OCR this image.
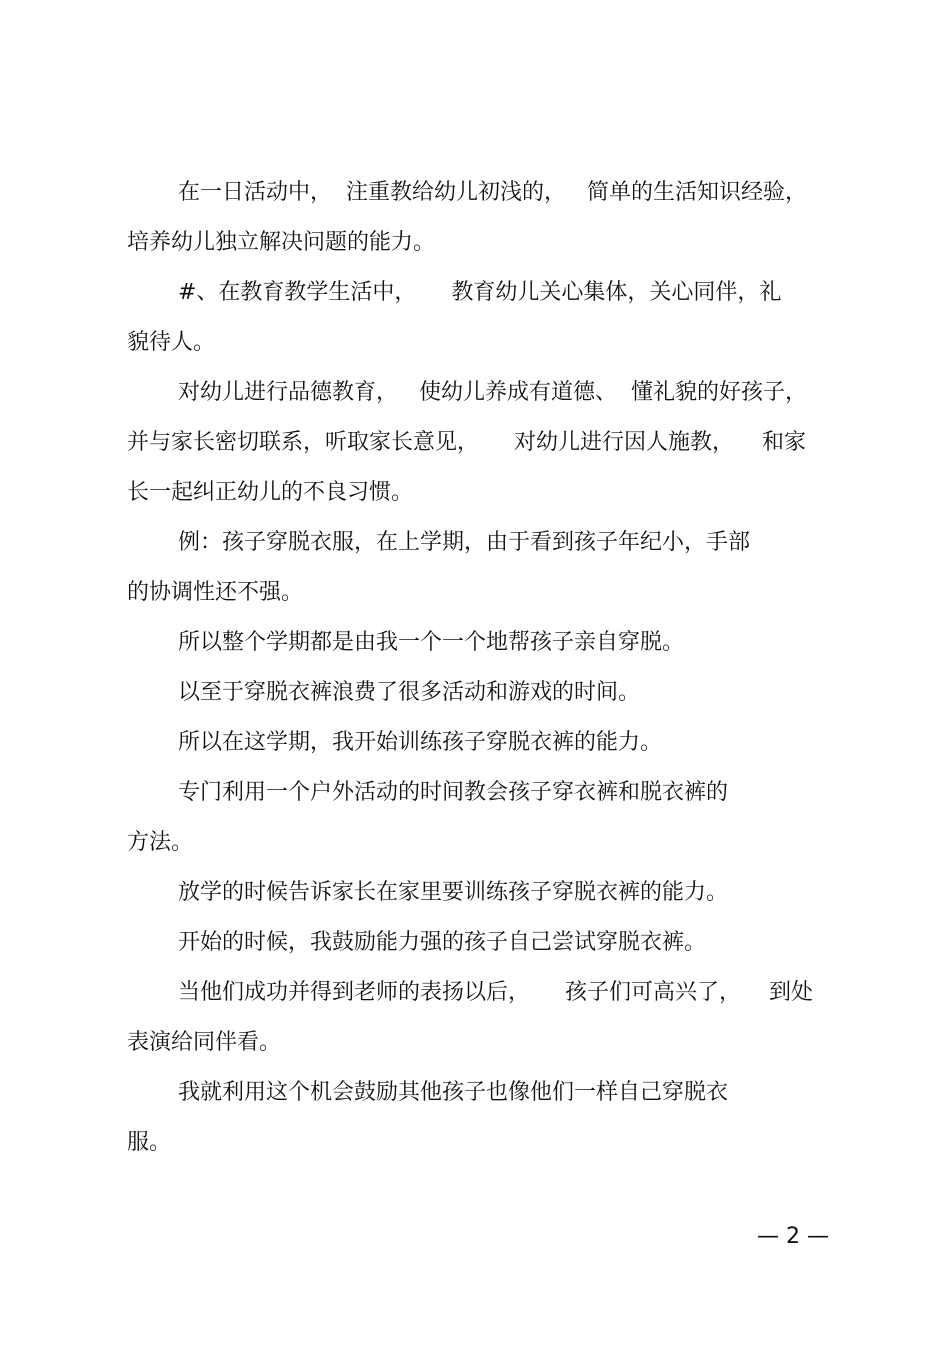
在一日活动中，  注重教给幼儿初浅的，   简单的生活知识经验，

培养幼儿独立解决问题的能力。

#、在教育教学生活中，     教育幼儿关心集体，关心同伴，礼

貌待人。

对幼儿进行品德教育，   使幼儿养成有道德、  懂礼貌的好孩子，

并与家长密切联系，听取家长意见，     对幼儿进行因人施教，    和家

长一起纠正幼儿的不良习惯。

例：孩子穿脱衣服，在上学期，由于看到孩子年纪小，手部

的协调性还不强。

所以整个学期都是由我一个一个地帮孩子亲自穿脱。

以至于穿脱衣裤浪费了很多活动和游戏的时间。

所以在这学期，我开始训练孩子穿脱衣裤的能力。

专门利用一个户外活动的时间教会孩子穿衣裤和脱衣裤的

方法。

放学的时候告诉家长在家里要训练孩子穿脱衣裤的能力。

开始的时候，我鼓励能力强的孩子自己尝试穿脱衣裤。

当他们成功并得到老师的表扬以后，     孩子们可高兴了，    到处

表演给同伴看。

我就利用这个机会鼓励其他孩子也像他们一样自己穿脱衣

服。

— 2 —
